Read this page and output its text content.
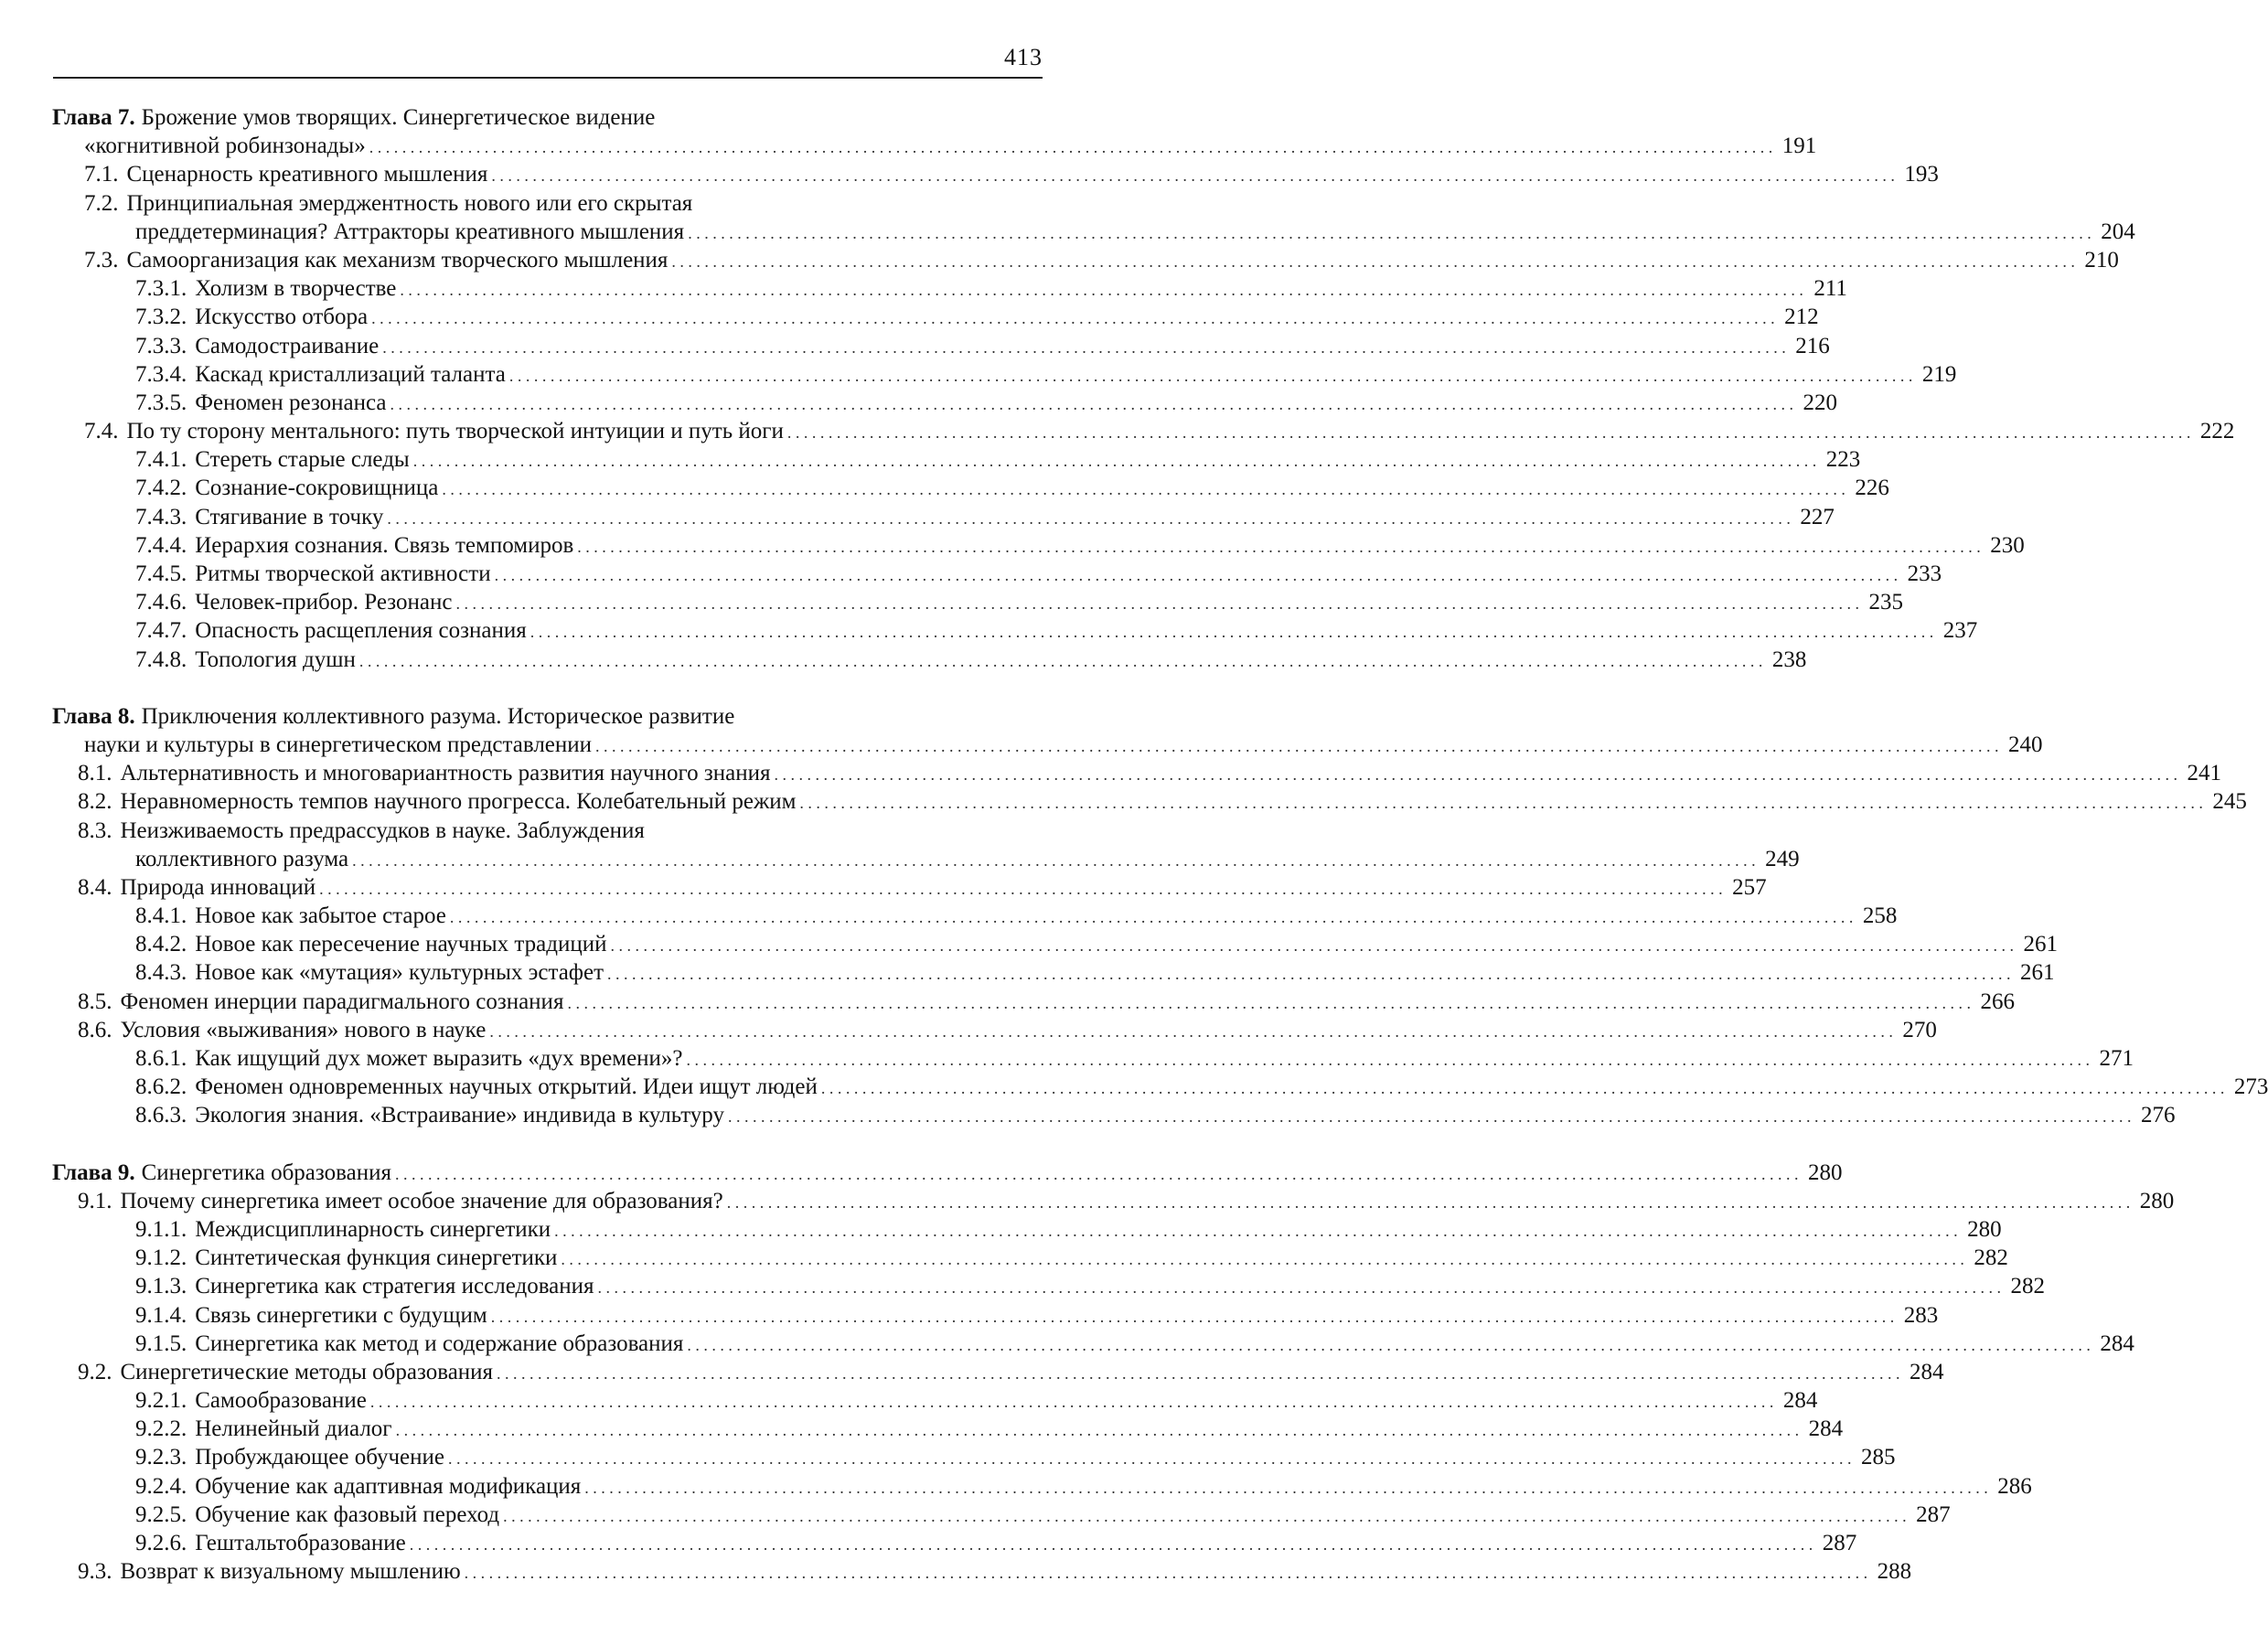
413
Глава 7. Брожение умов творящих. Синергетическое видение
«когнитивной робинзонады» . . .	191
7.1. Сценарность креативного мышления . . .	193
7.2. Принципиальная эмерджентность нового или его скрытая
преддетерминация? Аттракторы креативного мышления . . .	204
7.3. Самоорганизация как механизм творческого мышления . . .	210
7.3.1. Холизм в творчестве . . .	211
7.3.2. Искусство отбора . . .	212
7.3.3. Самодостраивание . . .	216
7.3.4. Каскад кристаллизаций таланта . . .	219
7.3.5. Феномен резонанса . . .	220
7.4. По ту сторону ментального: путь творческой интуиции и путь йоги . . .	222
7.4.1. Стереть старые следы . . .	223
7.4.2. Сознание-сокровищница . . .	226
7.4.3. Стягивание в точку . . .	227
7.4.4. Иерархия сознания. Связь темпомиров . . .	230
7.4.5. Ритмы творческой активности . . .	233
7.4.6. Человек-прибор. Резонанс . . .	235
7.4.7. Опасность расщепления сознания . . .	237
7.4.8. Топология душн . . .	238
Глава 8. Приключения коллективного разума. Историческое развитие
науки и культуры в синергетическом представлении . . .	240
8.1. Альтернативность и многовариантность развития научного знания . . .	241
8.2. Неравномерность темпов научного прогресса. Колебательный режим . . .	245
8.3. Неизживаемость предрассудков в науке. Заблуждения
коллективного разума . . .	249
8.4. Природа инноваций . . .	257
8.4.1. Новое как забытое старое . . .	258
8.4.2. Новое как пересечение научных традиций . . .	261
8.4.3. Новое как «мутация» культурных эстафет . . .	261
8.5. Феномен инерции парадигмального сознания . . .	266
8.6. Условия «выживания» нового в науке . . .	270
8.6.1. Как ищущий дух может выразить «дух времени»? . . .	271
8.6.2. Феномен одновременных научных открытий. Идеи ищут людей . . .	273
8.6.3. Экология знания. «Встраивание» индивида в культуру . . .	276
Глава 9. Синергетика образования . . .	280
9.1. Почему синергетика имеет особое значение для образования? . . .	280
9.1.1. Междисциплинарность синергетики . . .	280
9.1.2. Синтетическая функция синергетики . . .	282
9.1.3. Синергетика как стратегия исследования . . .	282
9.1.4. Связь синергетики с будущим . . .	283
9.1.5. Синергетика как метод и содержание образования . . .	284
9.2. Синергетические методы образования . . .	284
9.2.1. Самообразование . . .	284
9.2.2. Нелинейный диалог . . .	284
9.2.3. Пробуждающее обучение . . .	285
9.2.4. Обучение как адаптивная модификация . . .	286
9.2.5. Обучение как фазовый переход . . .	287
9.2.6. Гештальтобразование . . .	287
9.3. Возврат к визуальному мышлению . . .	288
